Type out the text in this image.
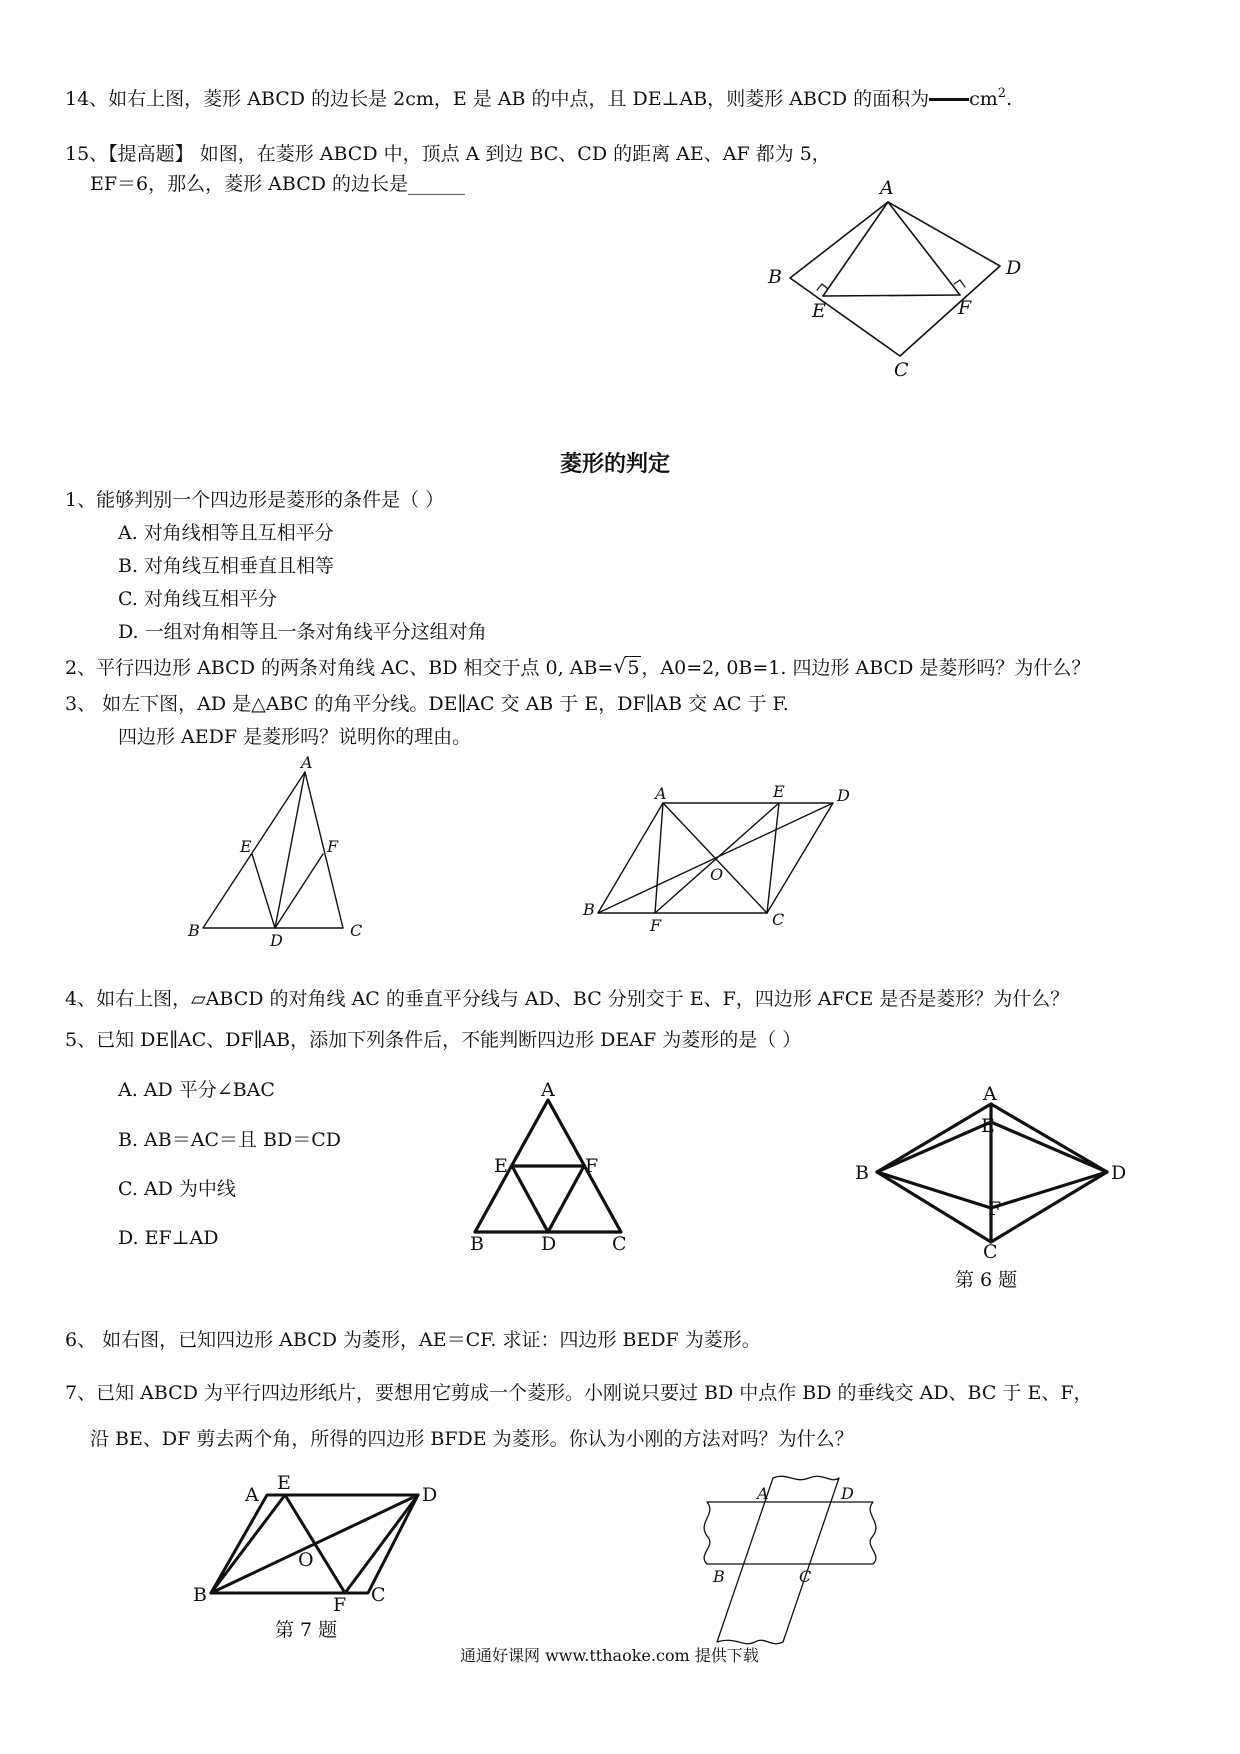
14、如右上图，菱形 ABCD 的边长是 2cm，E 是 AB 的中点，且 DE⊥AB，则菱形 ABCD 的面积为 $cm^2$.
15、【提高题】 如图，在菱形 ABCD 中，顶点 A 到边 BC、CD 的距离 AE、AF 都为 5，
EF＝6，那么，菱形 ABCD 的边长是______	A
B
C
D
E	F
菱形的判定
1、能够判别一个四边形是菱形的条件是（ ）
A. 对角线相等且互相平分
B. 对角线互相垂直且相等
C. 对角线互相平分
D. 一组对角相等且一条对角线平分这组对角
2、平行四边形 ABCD 的两条对角线 AC、BD 相交于点 0, AB= √ 5 ，A0=2, 0B=1. 四边形 ABCD 是菱形吗？为什么？
3、 如左下图，AD 是△ABC 的角平分线。DE∥AC 交 AB 于 E，DF∥AB 交 AC 于 F.
四边形 AEDF 是菱形吗？说明你的理由。
A
B	C
D
E	F
A	E	D
B
F	C
O
4、如右上图，▱ABCD 的对角线 AC 的垂直平分线与 AD、BC 分别交于 E、F，四边形 AFCE 是否是菱形？为什么？
5、已知 DE∥AC、DF∥AB，添加下列条件后，不能判断四边形 DEAF 为菱形的是（ ）
A. AD 平分∠BAC
B. AB＝AC＝且 BD＝CD
C. AD 为中线
D. EF⊥AD
A
B	D	C
E	F
A
E
B	D
F
C
第 6 题
6、 如右图，已知四边形 ABCD 为菱形，AE＝CF. 求证：四边形 BEDF 为菱形。
7、已知 ABCD 为平行四边形纸片，要想用它剪成一个菱形。小刚说只要过 BD 中点作 BD 的垂线交 AD、BC 于 E、F，
沿 BE、DF 剪去两个角，所得的四边形 BFDE 为菱形。你认为小刚的方法对吗？为什么？
A
E
D
B	F C
O
第 7 题
A	D
B	C
通通好课网 www.tthaoke.com 提供下载
